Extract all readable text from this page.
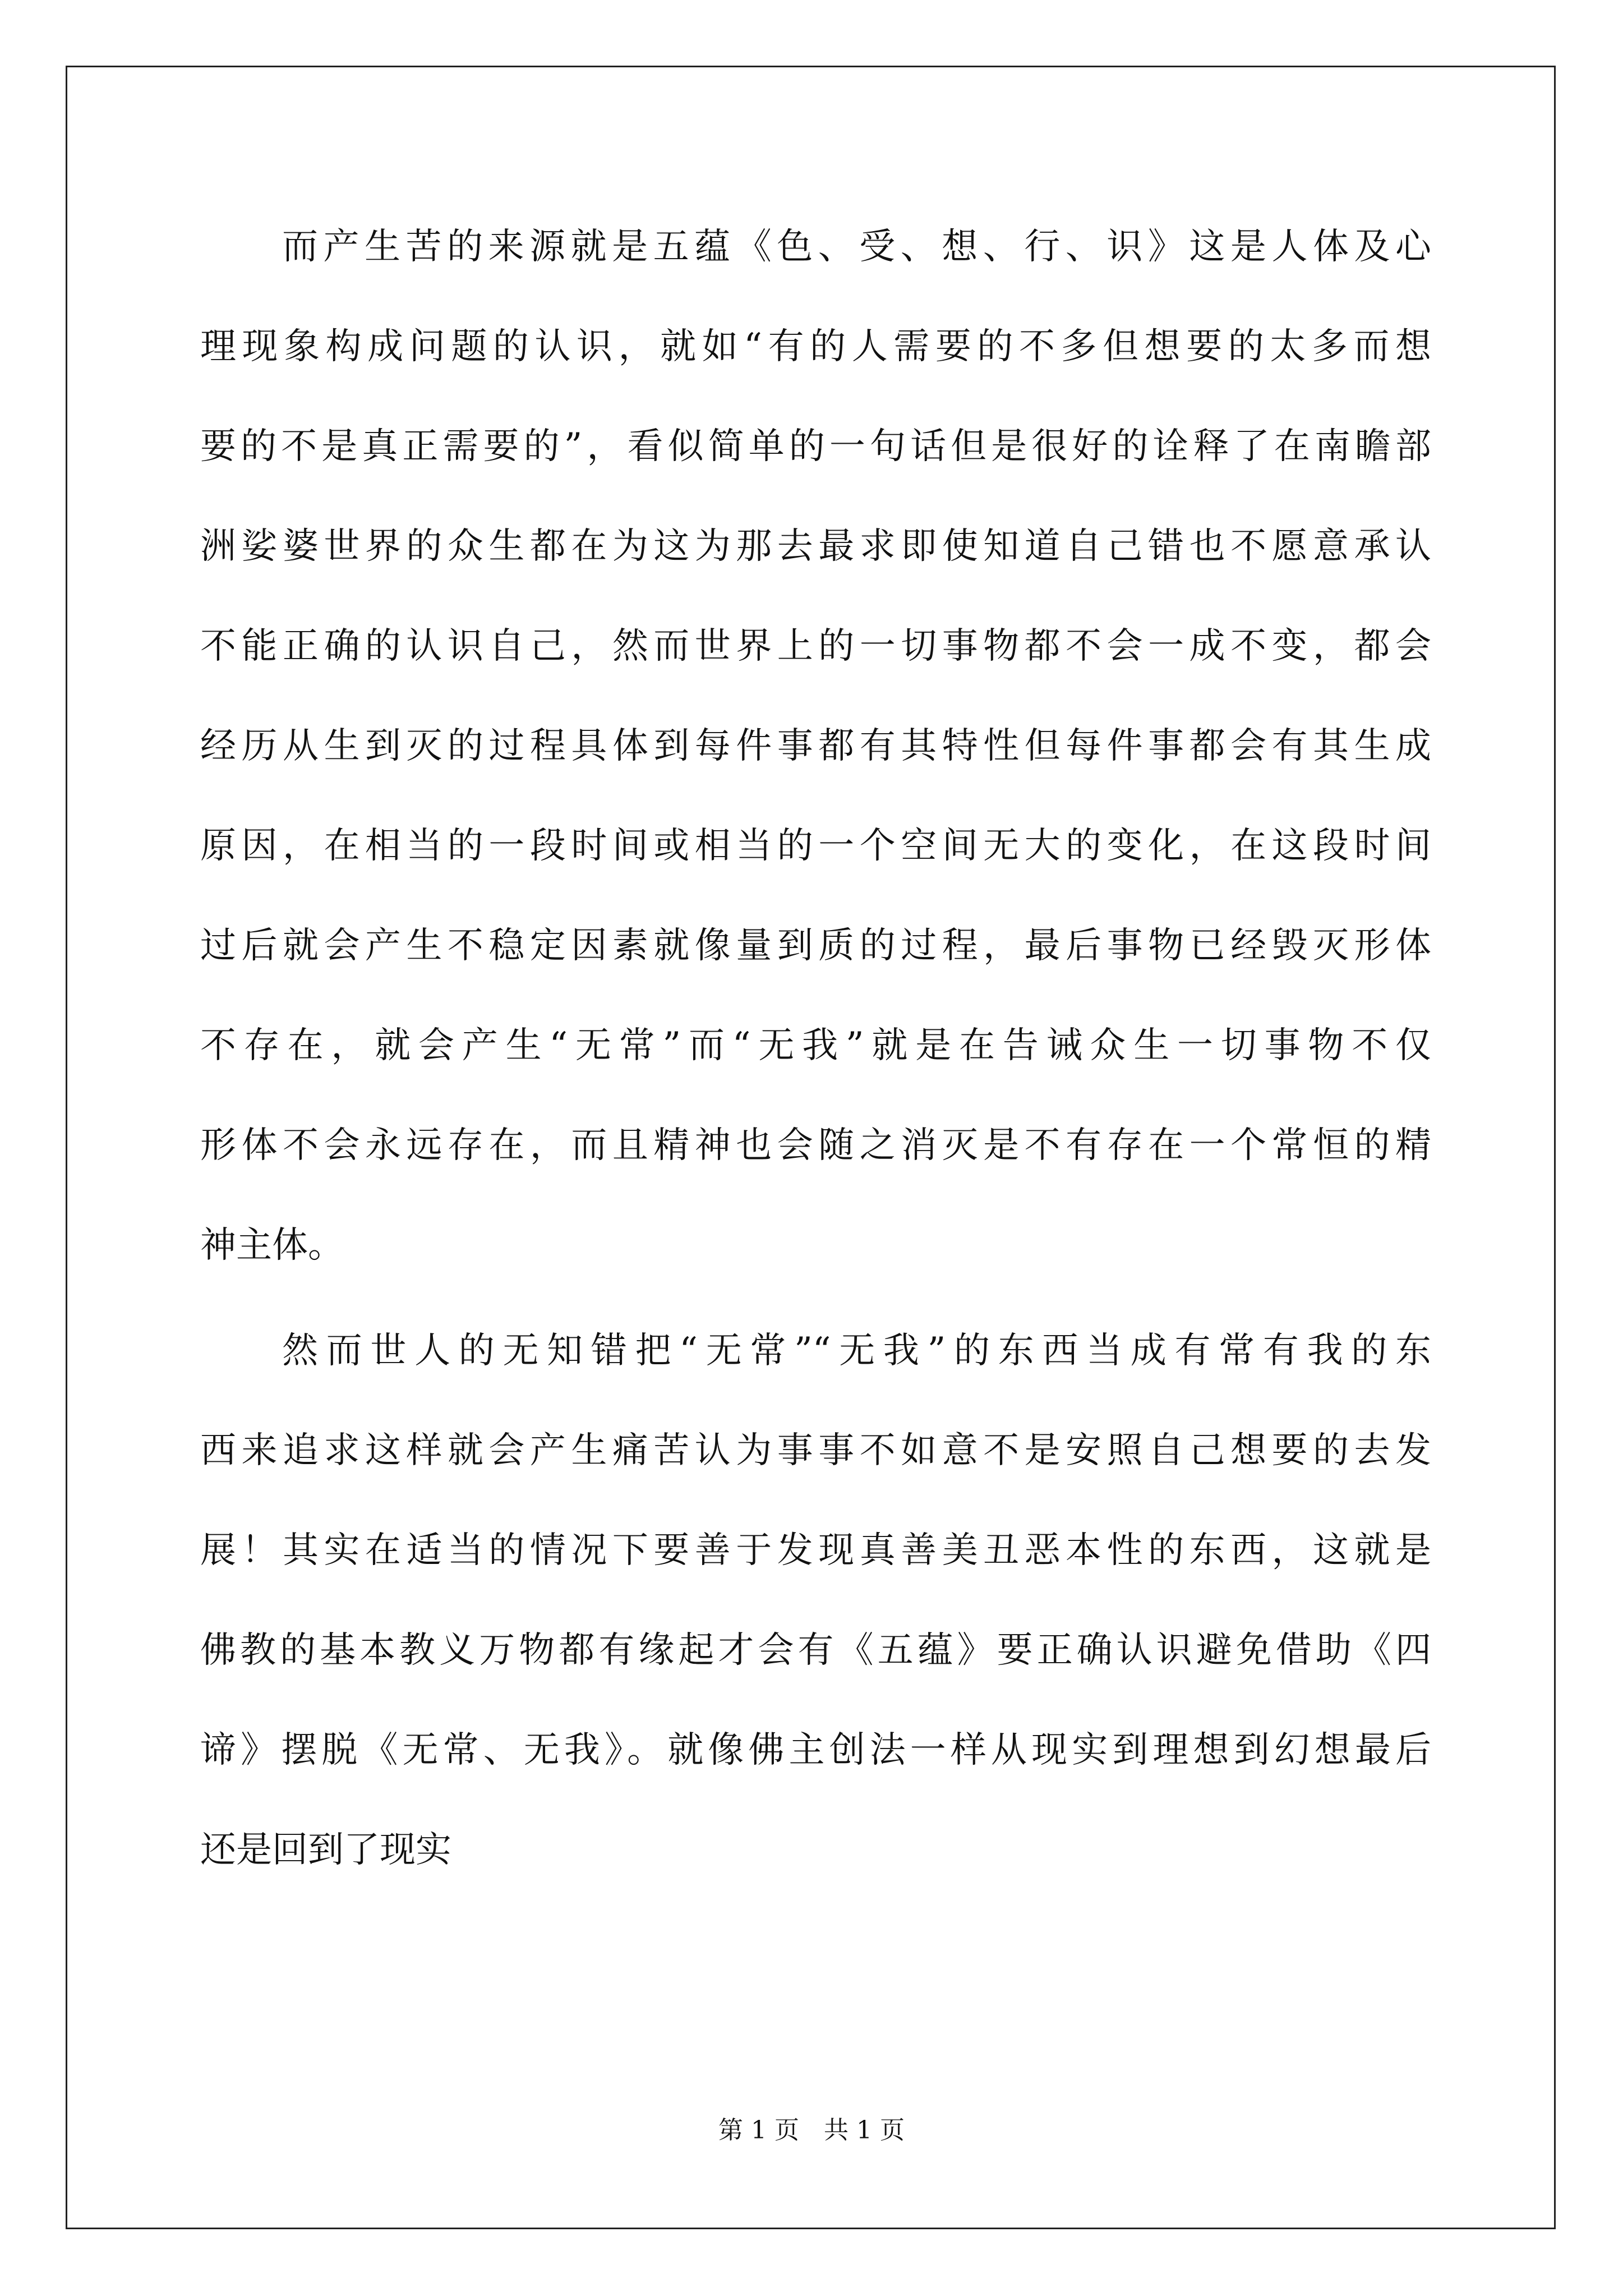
而产生苦的来源就是五蕴《色、受、想、行、识》这是人体及心
理现象构成问题的认识，就如“有的人需要的不多但想要的太多而想
要的不是真正需要的”，看似简单的一句话但是很好的诠释了在南瞻部
洲娑婆世界的众生都在为这为那去最求即使知道自己错也不愿意承认
不能正确的认识自己，然而世界上的一切事物都不会一成不变，都会
经历从生到灭的过程具体到每件事都有其特性但每件事都会有其生成
原因，在相当的一段时间或相当的一个空间无大的变化，在这段时间
过后就会产生不稳定因素就像量到质的过程，最后事物已经毁灭形体
不存在，就会产生“无常”而“无我”就是在告诫众生一切事物不仅
形体不会永远存在，而且精神也会随之消灭是不有存在一个常恒的精
神主体。
然而世人的无知错把“无常”“无我”的东西当成有常有我的东
西来追求这样就会产生痛苦认为事事不如意不是安照自己想要的去发
展！其实在适当的情况下要善于发现真善美丑恶本性的东西，这就是
佛教的基本教义万物都有缘起才会有《五蕴》要正确认识避免借助《四
谛》摆脱《无常、无我》。就像佛主创法一样从现实到理想到幻想最后
还是回到了现实
第 1 页 共 1 页
